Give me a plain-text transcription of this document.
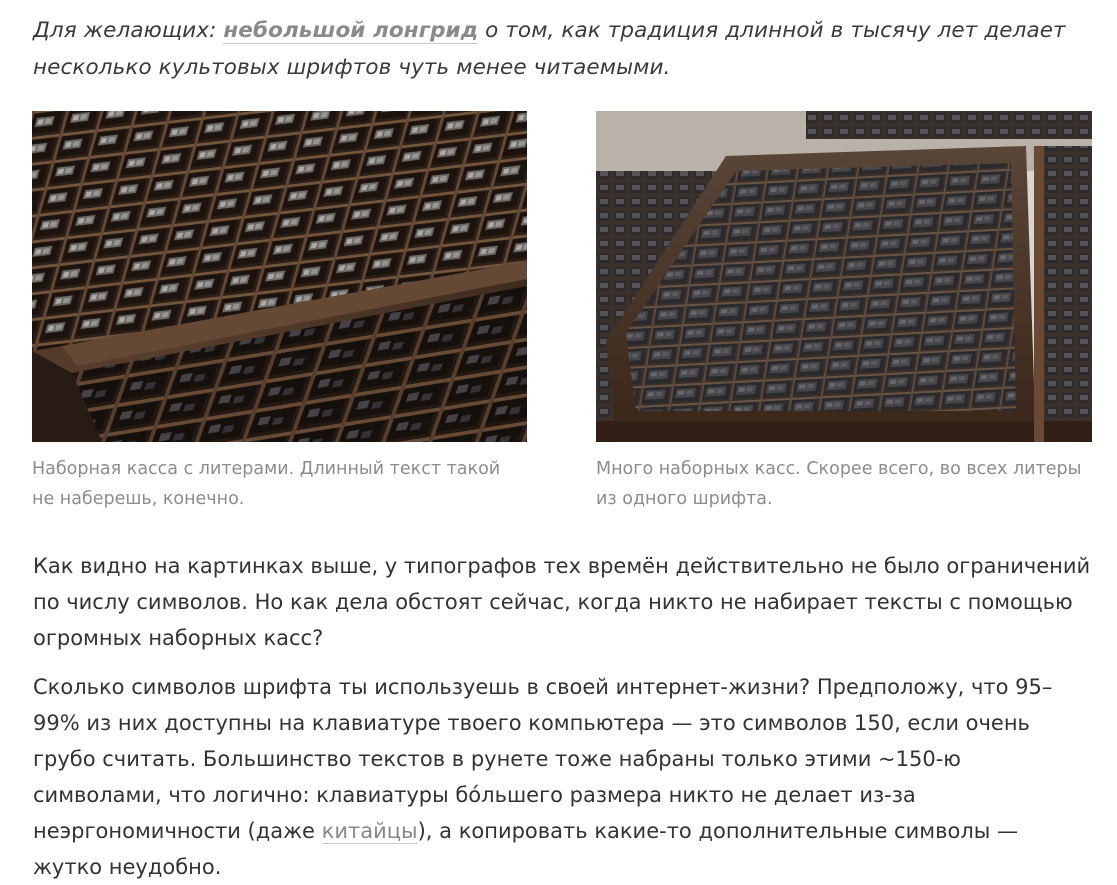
Для желающих: небольшой лонгрид о том, как традиция длинной в тысячу лет делает несколько культовых шрифтов чуть менее читаемыми.
Наборная касса с литерами. Длинный текст такой не наберешь, конечно.
Много наборных касс. Скорее всего, во всех литеры из одного шрифта.
Как видно на картинках выше, у типографов тех времён действительно не было ограничений по числу символов. Но как дела обстоят сейчас, когда никто не набирает тексты с помощью огромных наборных касс?
Сколько символов шрифта ты используешь в своей интернет-жизни? Предположу, что 95–99% из них доступны на клавиатуре твоего компьютера — это символов 150, если очень грубо считать. Большинство текстов в рунете тоже набраны только этими ~150-ю символами, что логично: клавиатуры бóльшего размера никто не делает из-за неэргономичности (даже китайцы), а копировать какие-то дополнительные символы — жутко неудобно.
